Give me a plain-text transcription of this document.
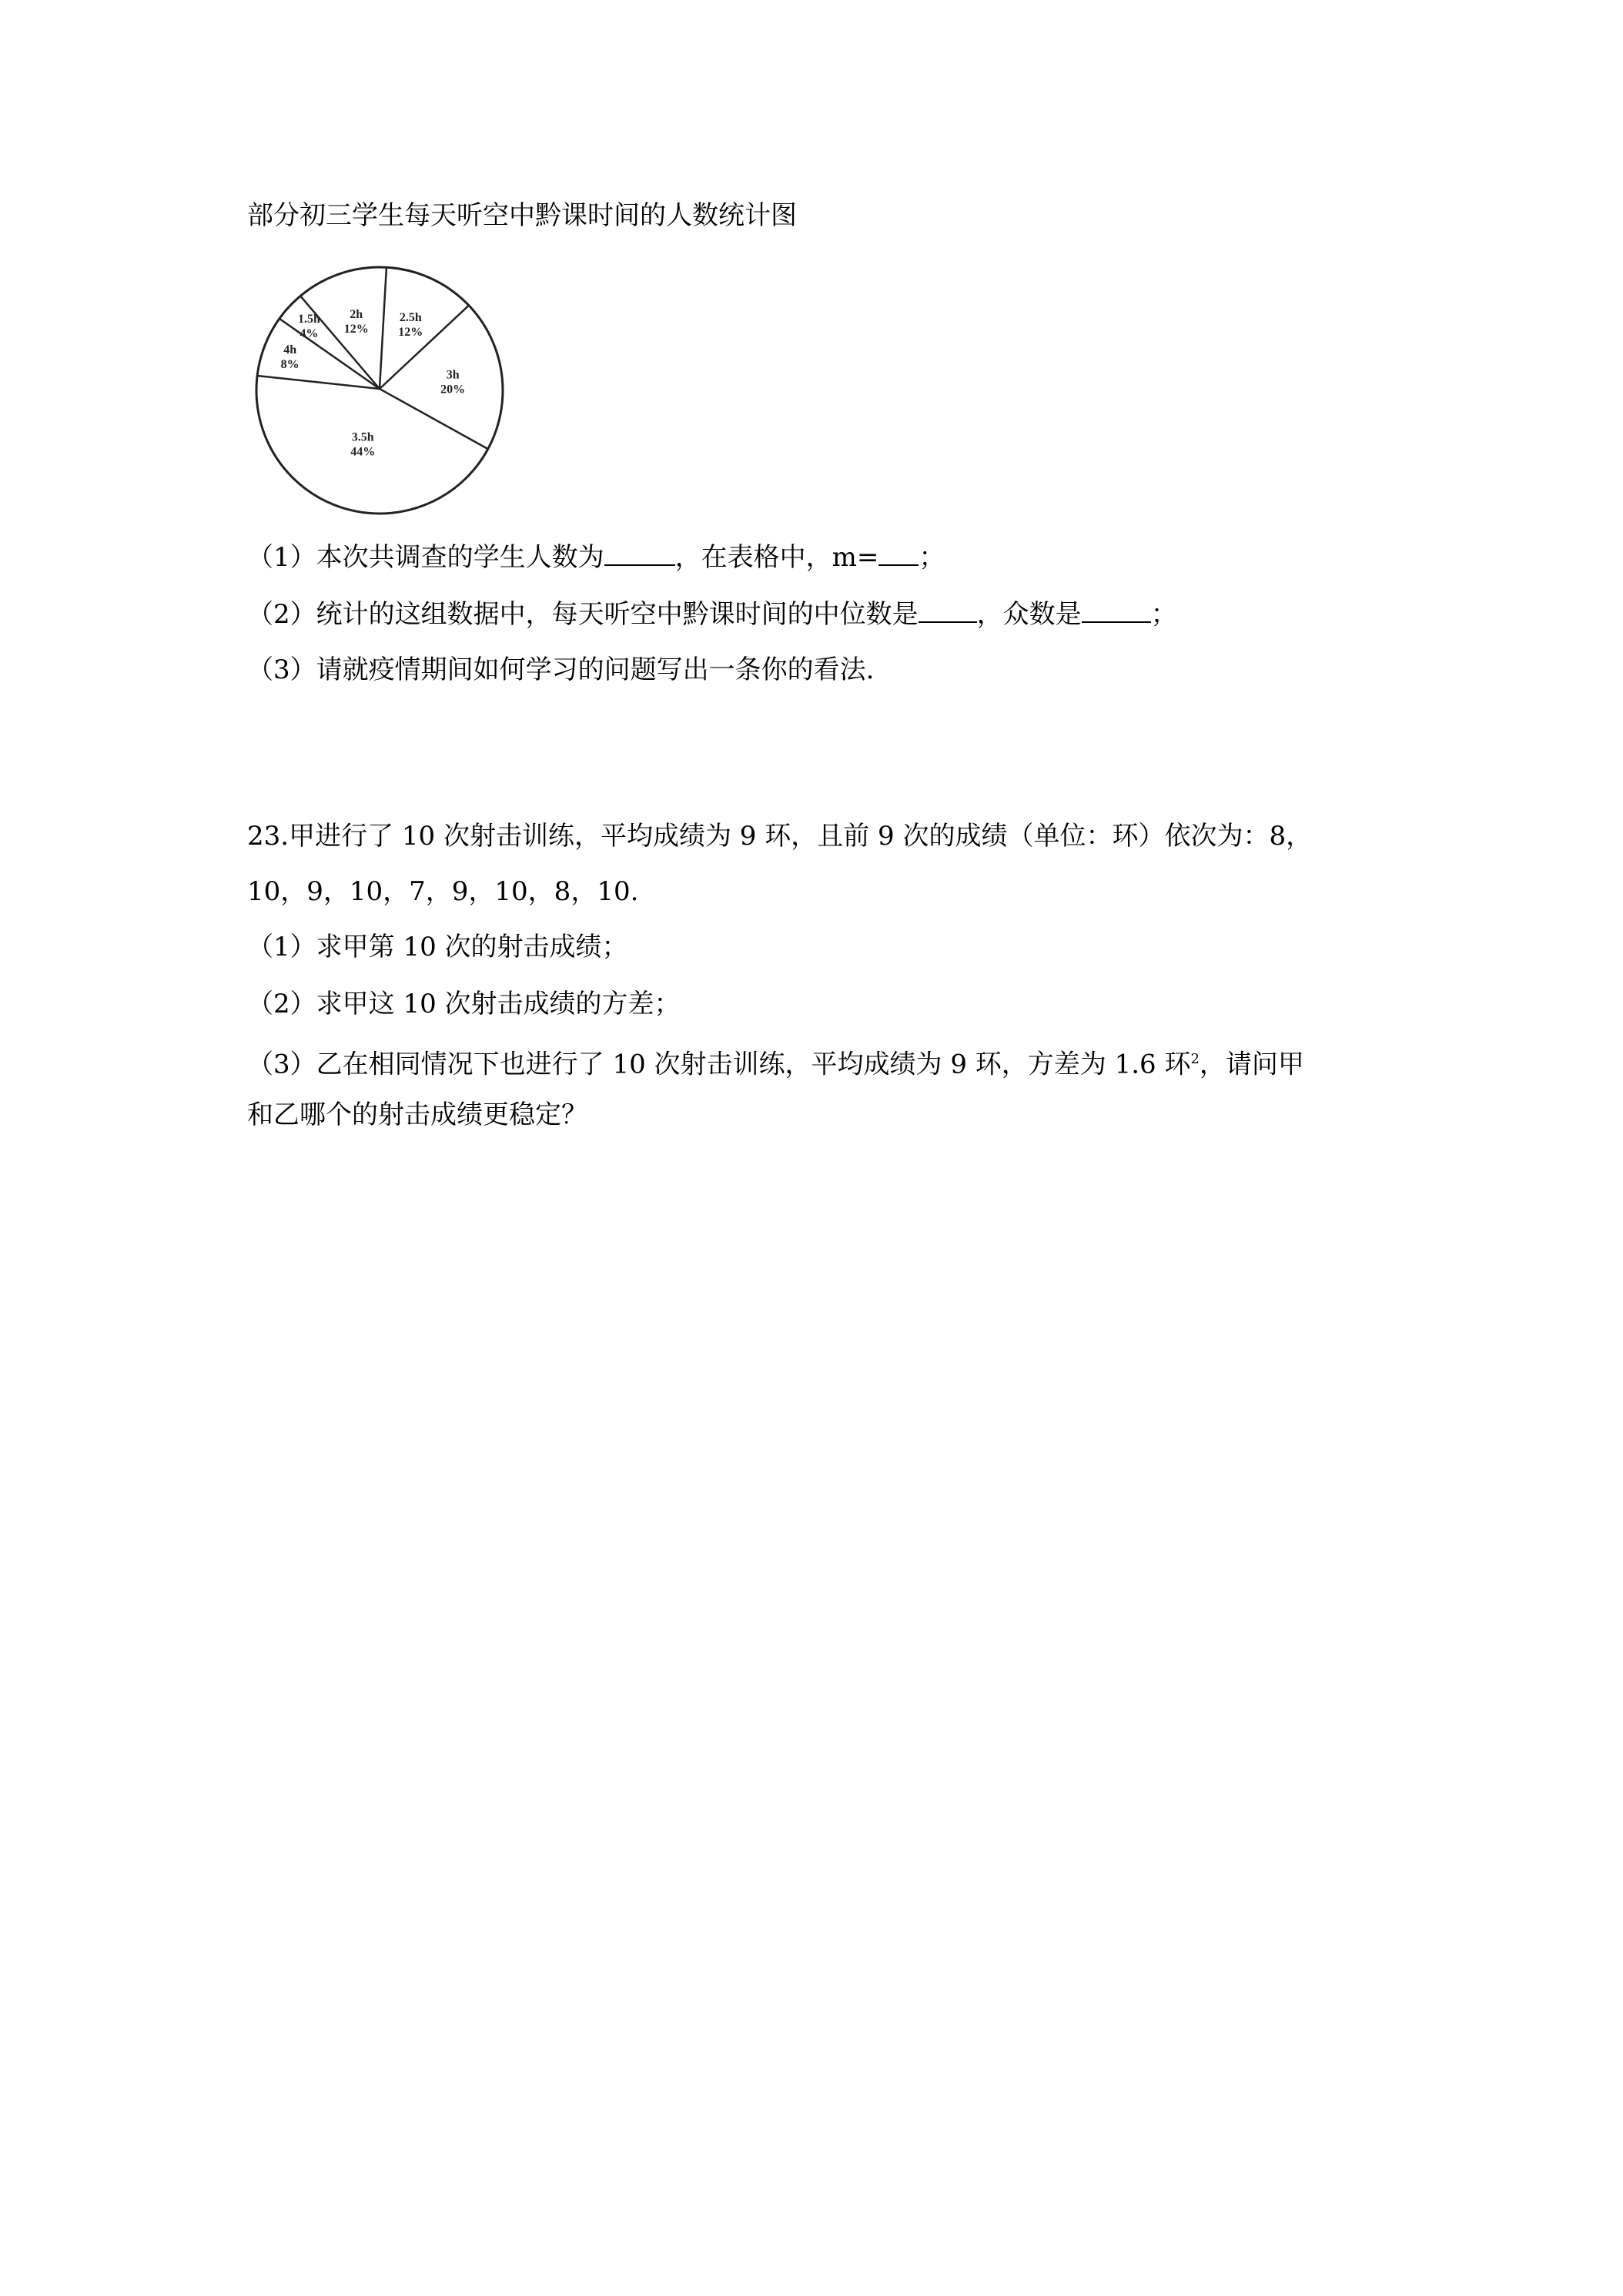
部分初三学生每天听空中黔课时间的人数统计图
2h
12%
2.5h
12%
3h
20%
3.5h
44%
4h
8%
1.5h
4%
（1）本次共调查的学生人数为	，在表格中，m= ；
（2）统计的这组数据中，每天听空中黔课时间的中位数是 ，众数是	；
（3）请就疫情期间如何学习的问题写出一条你的看法.
23.甲进行了 10 次射击训练，平均成绩为 9 环，且前 9 次的成绩（单位：环）依次为：8，
10，9，10，7，9，10，8，10.
（1）求甲第 10 次的射击成绩；
（2）求甲这 10 次射击成绩的方差；
（3）乙在相同情况下也进行了 10 次射击训练，平均成绩为 9 环，方差为 1.6 环$^2$，请问甲
和乙哪个的射击成绩更稳定？
